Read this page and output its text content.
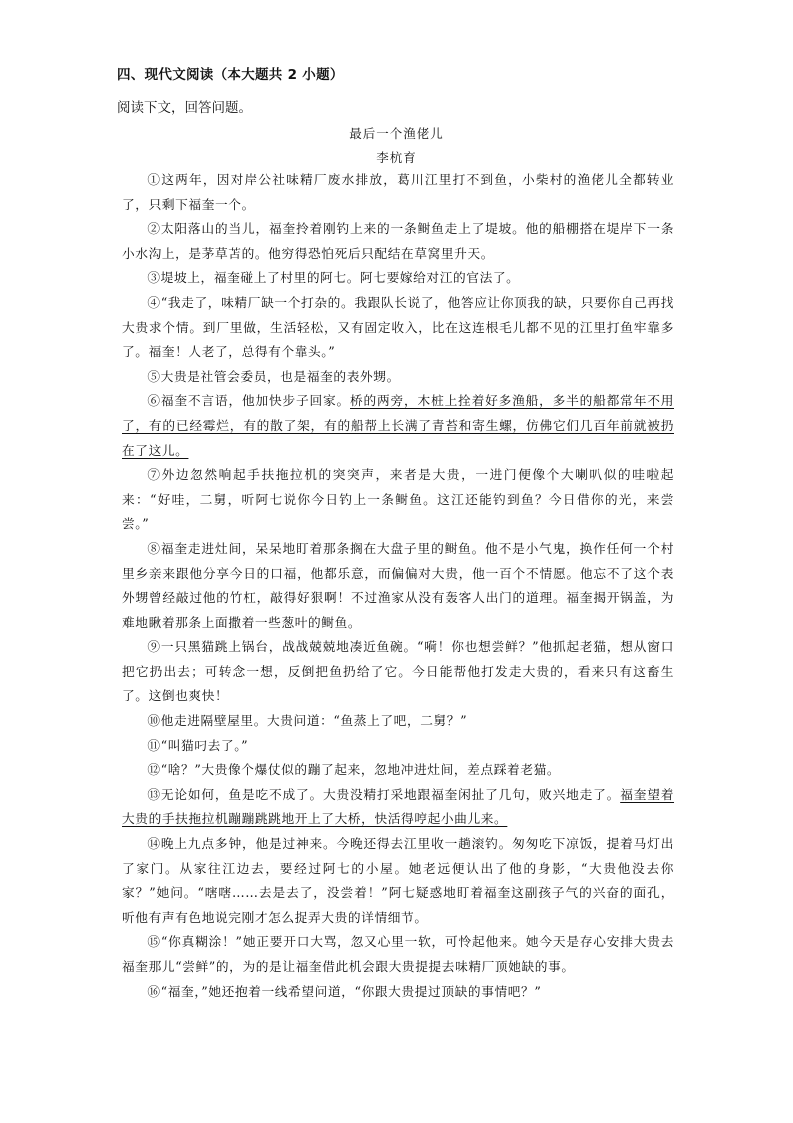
四、现代文阅读（本大题共 2 小题）
阅读下文，回答问题。
最后一个渔佬儿
李杭育

①这两年，因对岸公社味精厂废水排放，葛川江里打不到鱼，小柴村的渔佬儿全都转业了，只剩下福奎一个。

②太阳落山的当儿，福奎拎着刚钓上来的一条鲥鱼走上了堤坡。他的船棚搭在堤岸下一条小水沟上，是茅草苫的。他穷得恐怕死后只配结在草窝里升天。

③堤坡上，福奎碰上了村里的阿七。阿七要嫁给对江的官法了。

④“我走了，味精厂缺一个打杂的。我跟队长说了，他答应让你顶我的缺，只要你自己再找大贵求个情。到厂里做，生活轻松，又有固定收入，比在这连根毛儿都不见的江里打鱼牢靠多了。福奎！人老了，总得有个靠头。”

⑤大贵是社管会委员，也是福奎的表外甥。

⑥福奎不言语，他加快步子回家。桥的两旁，木桩上拴着好多渔船，多半的船都常年不用了，有的已经霉烂，有的散了架，有的船帮上长满了青苔和寄生螺，仿佛它们几百年前就被扔在了这儿。

⑦外边忽然响起手扶拖拉机的突突声，来者是大贵，一进门便像个大喇叭似的哇啦起来：“好哇，二舅，听阿七说你今日钓上一条鲥鱼。这江还能钓到鱼？今日借你的光，来尝尝。”

⑧福奎走进灶间，呆呆地盯着那条搁在大盘子里的鲥鱼。他不是小气鬼，换作任何一个村里乡亲来跟他分享今日的口福，他都乐意，而偏偏对大贵，他一百个不情愿。他忘不了这个表外甥曾经敲过他的竹杠，敲得好狠啊！不过渔家从没有轰客人出门的道理。福奎揭开锅盖，为难地瞅着那条上面撒着一些葱叶的鲥鱼。

⑨一只黑猫跳上锅台，战战兢兢地凑近鱼碗。“嗬！你也想尝鲜？”他抓起老猫，想从窗口把它扔出去；可转念一想，反倒把鱼扔给了它。今日能帮他打发走大贵的，看来只有这畜生了。这倒也爽快！

⑩他走进隔壁屋里。大贵问道：“鱼蒸上了吧，二舅？”

⑪“叫猫叼去了。”

⑫“啥？”大贵像个爆仗似的蹦了起来，忽地冲进灶间，差点踩着老猫。

⑬无论如何，鱼是吃不成了。大贵没精打采地跟福奎闲扯了几句，败兴地走了。福奎望着大贵的手扶拖拉机蹦蹦跳跳地开上了大桥，快活得哼起小曲儿来。

⑭晚上九点多钟，他是过神来。今晚还得去江里收一趟滚钓。匆匆吃下凉饭，提着马灯出了家门。从家往江边去，要经过阿七的小屋。她老远便认出了他的身影，“大贵他没去你家？”她问。“嗐嗐……去是去了，没尝着！”阿七疑惑地盯着福奎这副孩子气的兴奋的面孔，听他有声有色地说完刚才怎么捉弄大贵的详情细节。

⑮“你真糊涂！”她正要开口大骂，忽又心里一软，可怜起他来。她今天是存心安排大贵去福奎那儿“尝鲜”的，为的是让福奎借此机会跟大贵提提去味精厂顶她缺的事。

⑯“福奎，”她还抱着一线希望问道，“你跟大贵提过顶缺的事情吧？”
